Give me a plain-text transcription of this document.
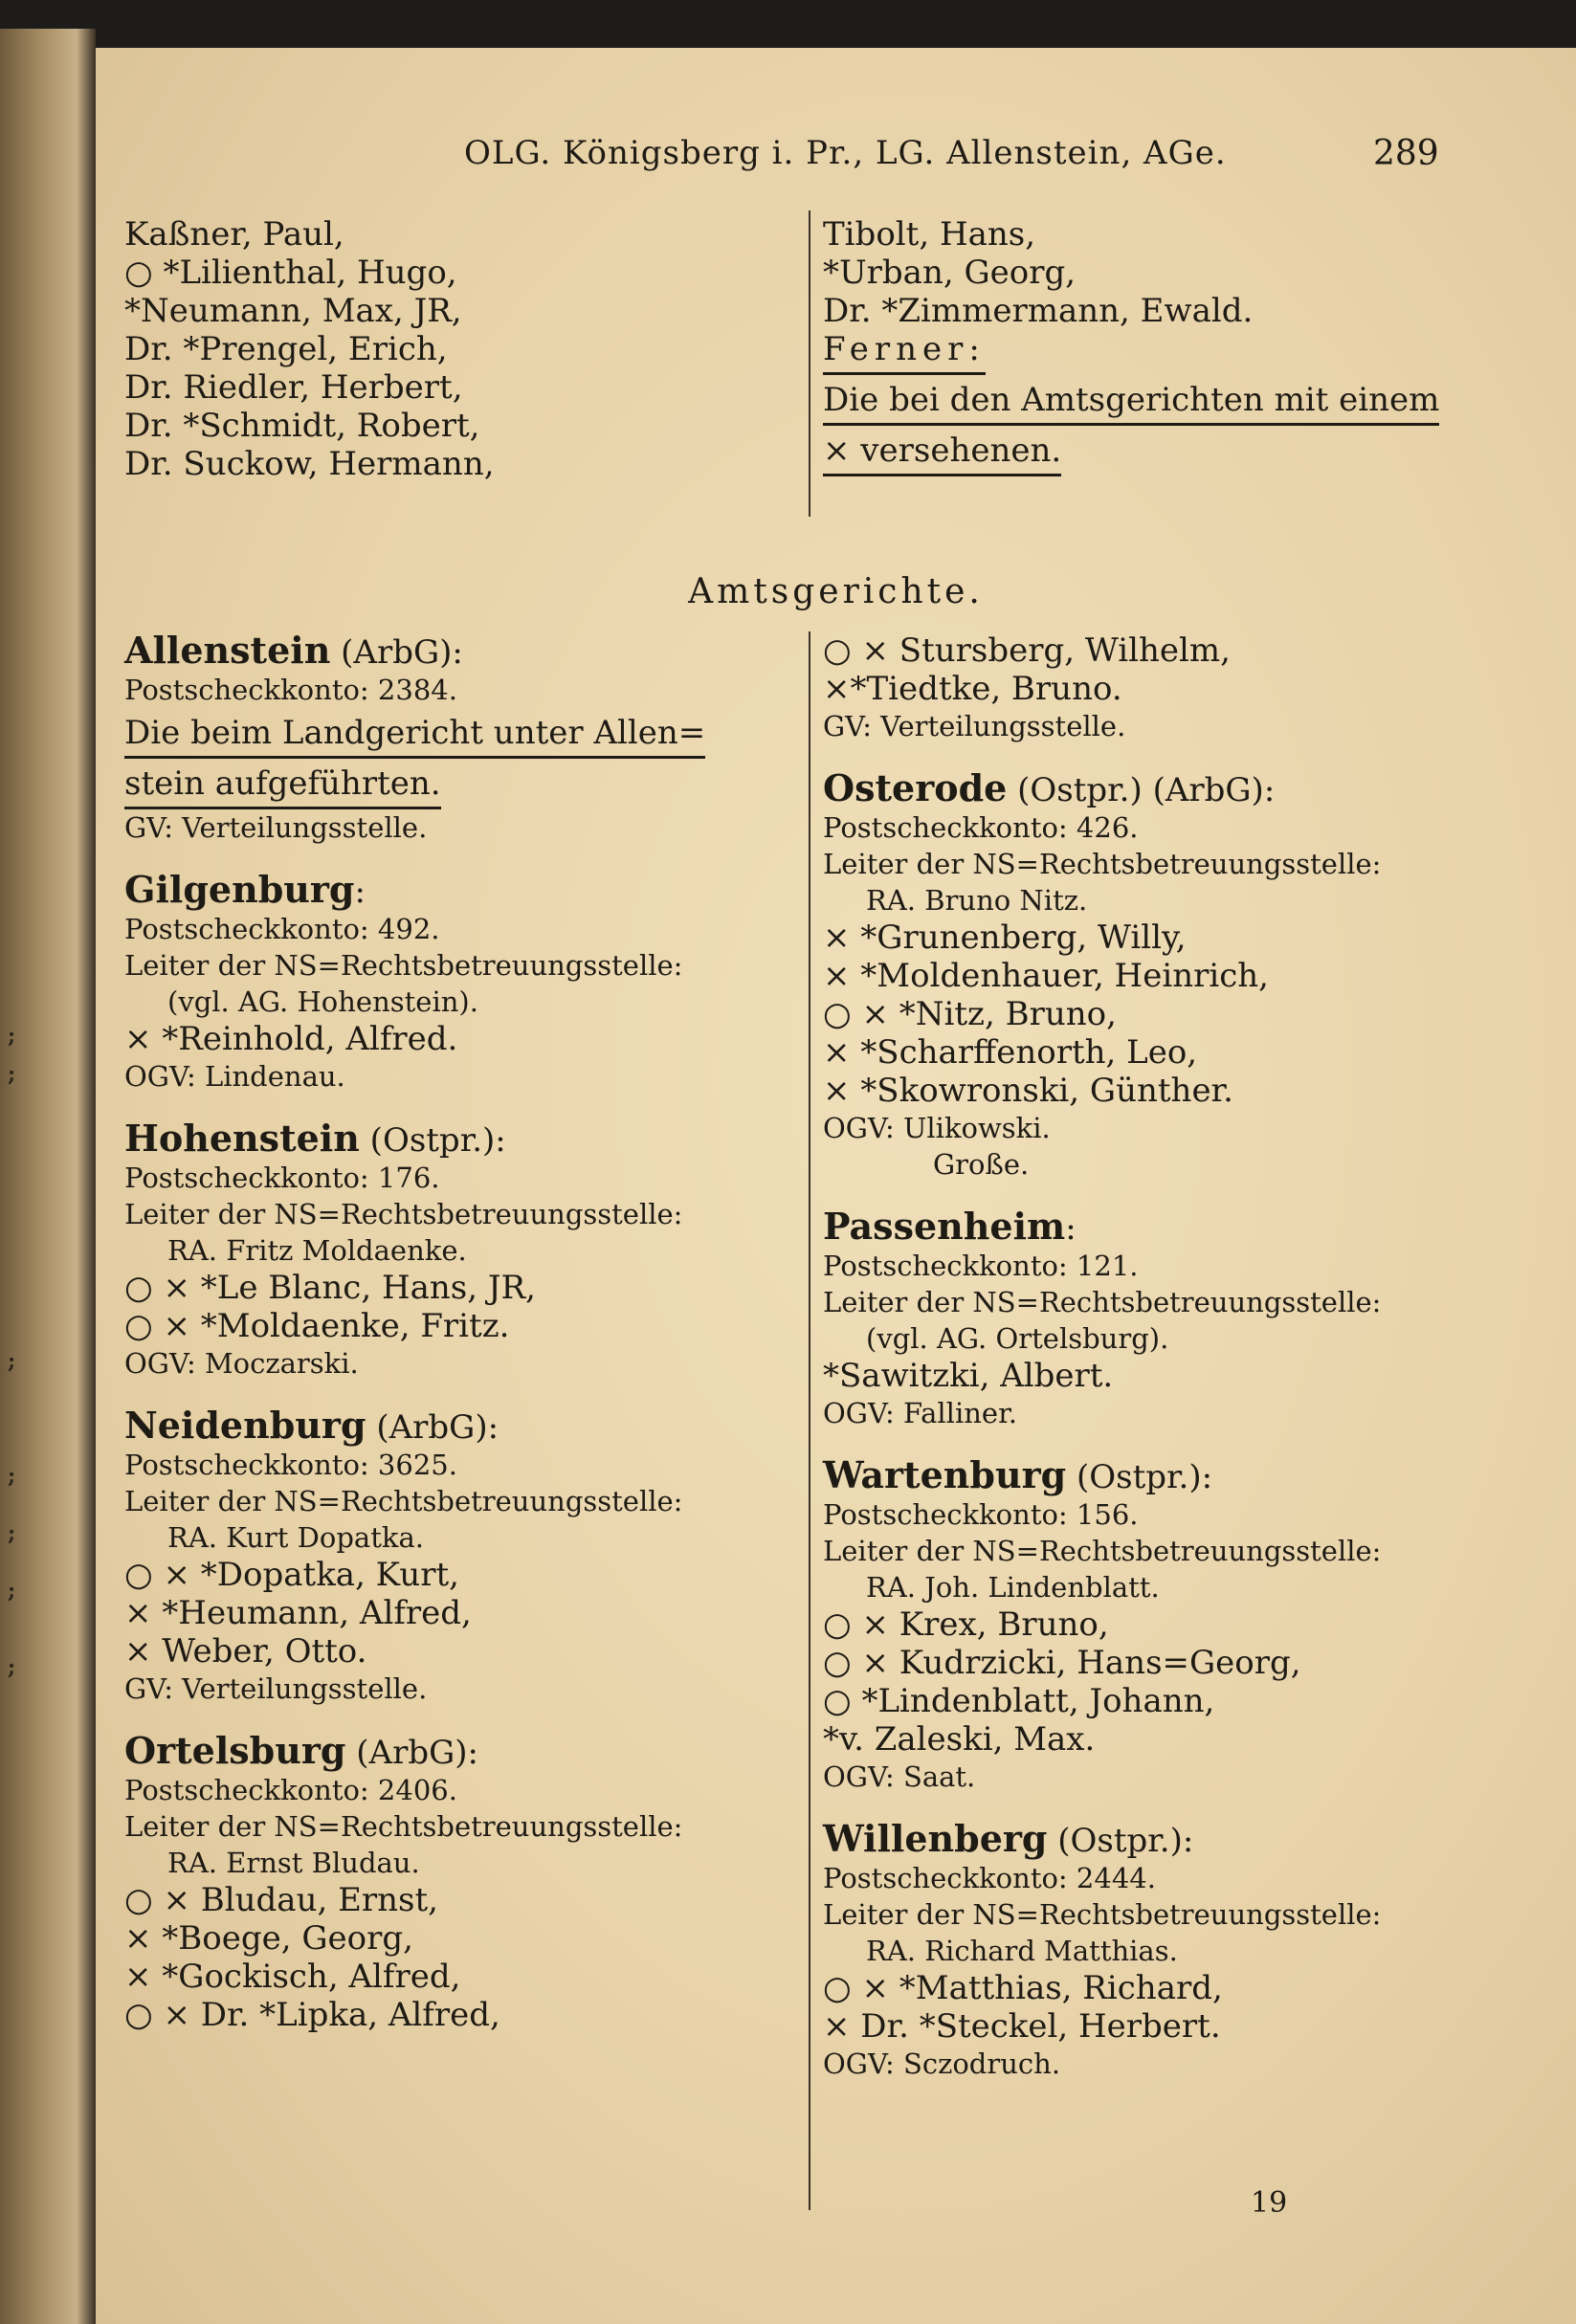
;
;
;
;
;
;
;
OLG. Königsberg i. Pr., LG. Allenstein, AGe.	289
Kaßner, Paul,
○ *Lilienthal, Hugo,
*Neumann, Max, JR,
Dr. *Prengel, Erich,
Dr. Riedler, Herbert,
Dr. *Schmidt, Robert,
Dr. Suckow, Hermann,
Tibolt, Hans,
*Urban, Georg,
Dr. *Zimmermann, Ewald.
Ferner:
Die bei den Amtsgerichten mit einem
× versehenen.
Amtsgerichte.
Allenstein (ArbG):
Postscheckkonto: 2384.
Die beim Landgericht unter Allen=
stein aufgeführten.
GV: Verteilungsstelle.
Gilgenburg:
Postscheckkonto: 492.
Leiter der NS=Rechtsbetreuungsstelle:
(vgl. AG. Hohenstein).
× *Reinhold, Alfred.
OGV: Lindenau.
Hohenstein (Ostpr.):
Postscheckkonto: 176.
Leiter der NS=Rechtsbetreuungsstelle:
RA. Fritz Moldaenke.
○ × *Le Blanc, Hans, JR,
○ × *Moldaenke, Fritz.
OGV: Moczarski.
Neidenburg (ArbG):
Postscheckkonto: 3625.
Leiter der NS=Rechtsbetreuungsstelle:
RA. Kurt Dopatka.
○ × *Dopatka, Kurt,
× *Heumann, Alfred,
× Weber, Otto.
GV: Verteilungsstelle.
Ortelsburg (ArbG):
Postscheckkonto: 2406.
Leiter der NS=Rechtsbetreuungsstelle:
RA. Ernst Bludau.
○ × Bludau, Ernst,
× *Boege, Georg,
× *Gockisch, Alfred,
○ × Dr. *Lipka, Alfred,
○ × Stursberg, Wilhelm,
×*Tiedtke, Bruno.
GV: Verteilungsstelle.
Osterode (Ostpr.) (ArbG):
Postscheckkonto: 426.
Leiter der NS=Rechtsbetreuungsstelle:
RA. Bruno Nitz.
× *Grunenberg, Willy,
× *Moldenhauer, Heinrich,
○ × *Nitz, Bruno,
× *Scharffenorth, Leo,
× *Skowronski, Günther.
OGV: Ulikowski.
Große.
Passenheim:
Postscheckkonto: 121.
Leiter der NS=Rechtsbetreuungsstelle:
(vgl. AG. Ortelsburg).
*Sawitzki, Albert.
OGV: Falliner.
Wartenburg (Ostpr.):
Postscheckkonto: 156.
Leiter der NS=Rechtsbetreuungsstelle:
RA. Joh. Lindenblatt.
○ × Krex, Bruno,
○ × Kudrzicki, Hans=Georg,
○ *Lindenblatt, Johann,
*v. Zaleski, Max.
OGV: Saat.
Willenberg (Ostpr.):
Postscheckkonto: 2444.
Leiter der NS=Rechtsbetreuungsstelle:
RA. Richard Matthias.
○ × *Matthias, Richard,
× Dr. *Steckel, Herbert.
OGV: Sczodruch.
19
